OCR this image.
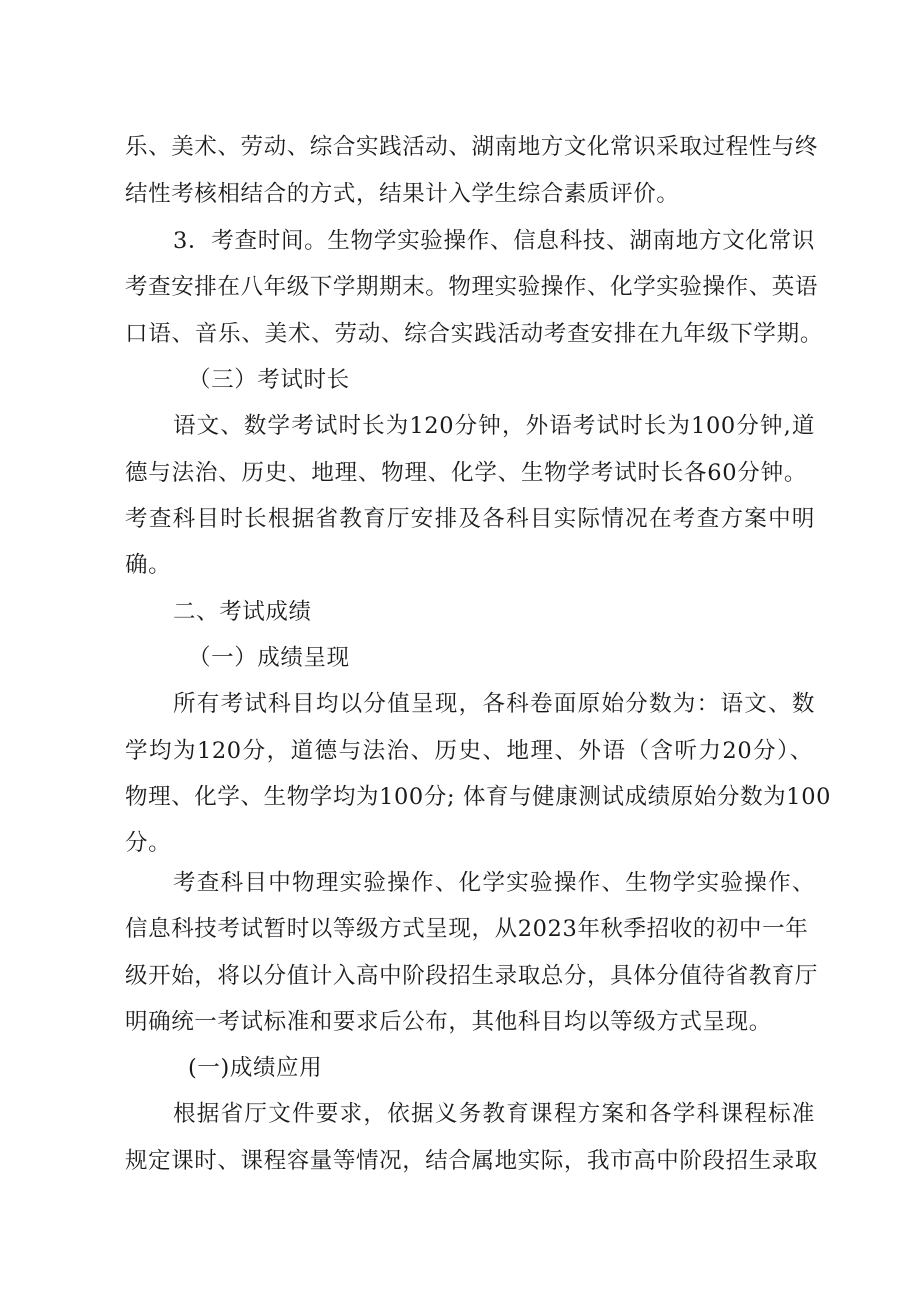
乐、美术、劳动、综合实践活动、湖南地方文化常识采取过程性与终
结性考核相结合的方式，结果计入学生综合素质评价。
3．考查时间。生物学实验操作、信息科技、湖南地方文化常识
考查安排在八年级下学期期末。物理实验操作、化学实验操作、英语
口语、音乐、美术、劳动、综合实践活动考查安排在九年级下学期。
（三）考试时长
语文、数学考试时长为120分钟，外语考试时长为100分钟,道
德与法治、历史、地理、物理、化学、生物学考试时长各60分钟。
考查科目时长根据省教育厅安排及各科目实际情况在考查方案中明
确。
二、考试成绩
（一）成绩呈现
所有考试科目均以分值呈现，各科卷面原始分数为：语文、数
学均为120分，道德与法治、历史、地理、外语（含听力20分）、
物理、化学、生物学均为100分; 体育与健康测试成绩原始分数为100
分。
考查科目中物理实验操作、化学实验操作、生物学实验操作、
信息科技考试暂时以等级方式呈现，从2023年秋季招收的初中一年
级开始，将以分值计入高中阶段招生录取总分，具体分值待省教育厅
明确统一考试标准和要求后公布，其他科目均以等级方式呈现。
(一)成绩应用
根据省厅文件要求，依据义务教育课程方案和各学科课程标准
规定课时、课程容量等情况，结合属地实际，我市高中阶段招生录取
